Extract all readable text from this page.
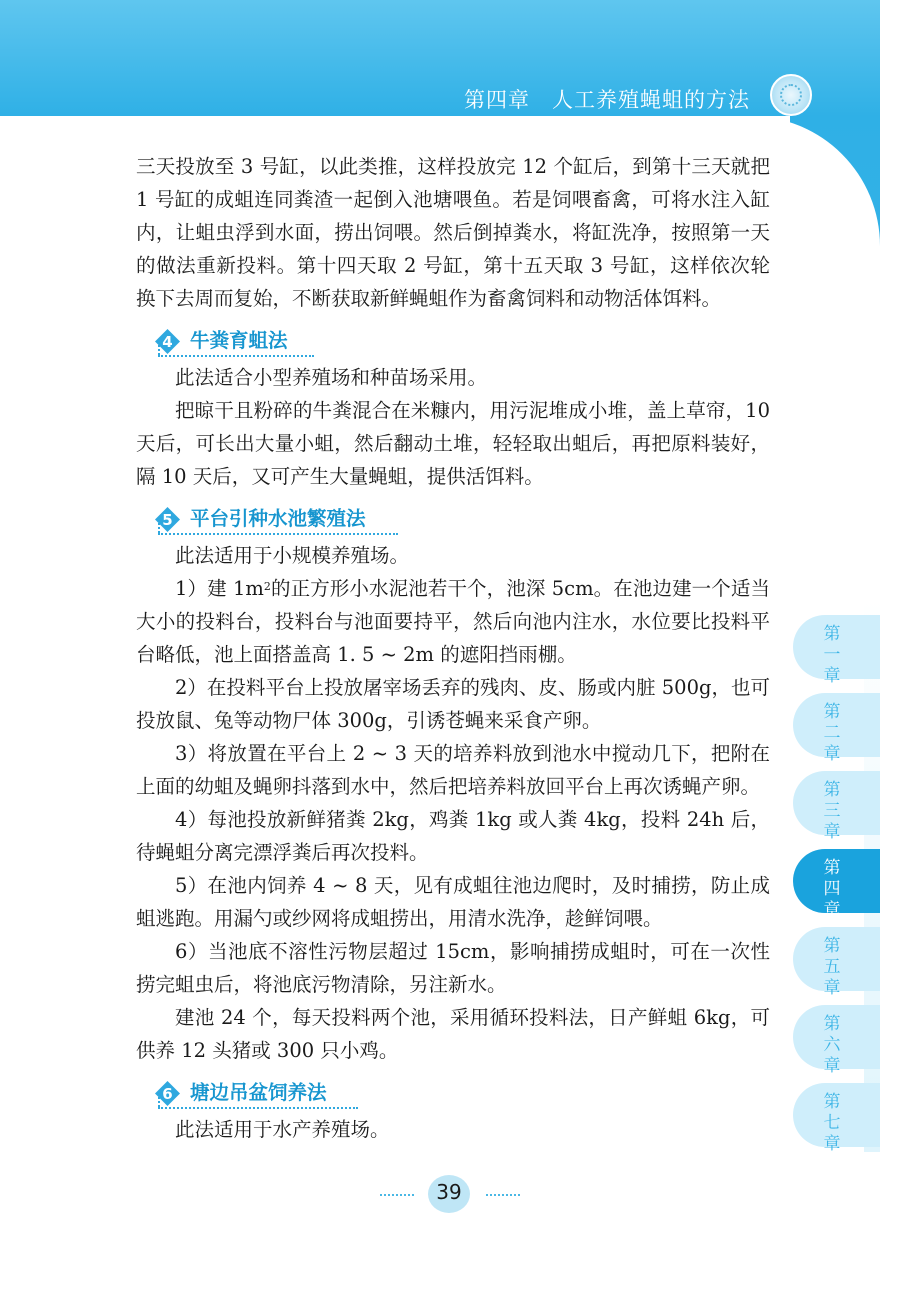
第四章　人工养殖蝇蛆的方法
第
一
章
第
二
章
第
三
章
第
四
章
第
五
章
第
六
章
第
七
章

三天投放至 3 号缸，以此类推，这样投放完 12 个缸后，到第十三天就把 1 号缸的成蛆连同粪渣一起倒入池塘喂鱼。若是饲喂畜禽，可将水注入缸内，让蛆虫浮到水面，捞出饲喂。然后倒掉粪水，将缸洗净，按照第一天的做法重新投料。第十四天取 2 号缸，第十五天取 3 号缸，这样依次轮换下去周而复始，不断获取新鲜蝇蛆作为畜禽饲料和动物活体饵料。

4 牛粪育蛆法

此法适合小型养殖场和种苗场采用。

把晾干且粉碎的牛粪混合在米糠内，用污泥堆成小堆，盖上草帘，10 天后，可长出大量小蛆，然后翻动土堆，轻轻取出蛆后，再把原料装好，隔 10 天后，又可产生大量蝇蛆，提供活饵料。

5 平台引种水池繁殖法

此法适用于小规模养殖场。

1）建 $1m^2$的正方形小水泥池若干个，池深 5cm。在池边建一个适当大小的投料台，投料台与池面要持平，然后向池内注水，水位要比投料平台略低，池上面搭盖高 1. 5 ~ 2m 的遮阳挡雨棚。

2）在投料平台上投放屠宰场丢弃的残肉、皮、肠或内脏 500g，也可投放鼠、兔等动物尸体 300g，引诱苍蝇来采食产卵。

3）将放置在平台上 2 ~ 3 天的培养料放到池水中搅动几下，把附在上面的幼蛆及蝇卵抖落到水中，然后把培养料放回平台上再次诱蝇产卵。

4）每池投放新鲜猪粪 2kg，鸡粪 1kg 或人粪 4kg，投料 24h 后，待蝇蛆分离完漂浮粪后再次投料。

5）在池内饲养 4 ~ 8 天，见有成蛆往池边爬时，及时捕捞，防止成蛆逃跑。用漏勺或纱网将成蛆捞出，用清水洗净，趁鲜饲喂。

6）当池底不溶性污物层超过 15cm，影响捕捞成蛆时，可在一次性捞完蛆虫后，将池底污物清除，另注新水。

建池 24 个，每天投料两个池，采用循环投料法，日产鲜蛆 6kg，可供养 12 头猪或 300 只小鸡。

6 塘边吊盆饲养法

此法适用于水产养殖场。

39
